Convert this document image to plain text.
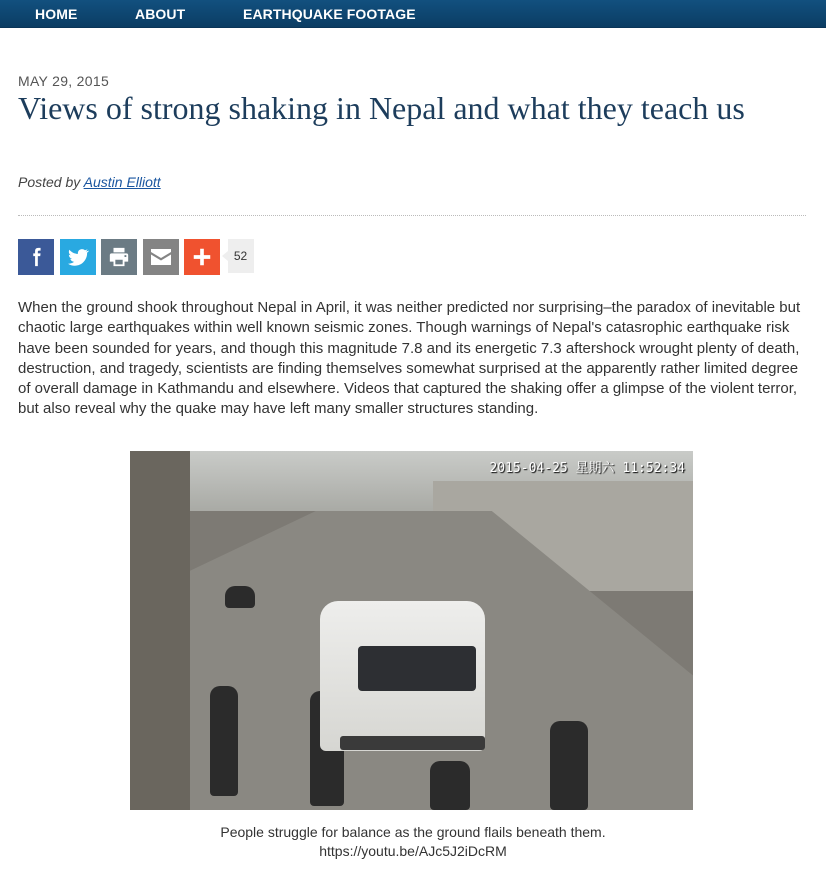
HOME	ABOUT	EARTHQUAKE FOOTAGE
MAY 29, 2015
Views of strong shaking in Nepal and what they teach us
Posted by Austin Elliott
52

When the ground shook throughout Nepal in April, it was neither predicted nor surprising–the paradox of inevitable but chaotic large earthquakes within well known seismic zones. Though warnings of Nepal's catasrophic earthquake risk have been sounded for years, and though this magnitude 7.8 and its energetic 7.3 aftershock wrought plenty of death, destruction, and tragedy, scientists are finding themselves somewhat surprised at the apparently rather limited degree of overall damage in Kathmandu and elsewhere. Videos that captured the shaking offer a glimpse of the violent terror, but also reveal why the quake may have left many smaller structures standing.

2015-04-25 星期六 11:52:34
People struggle for balance as the ground flails beneath them.
https://youtu.be/AJc5J2iDcRM
